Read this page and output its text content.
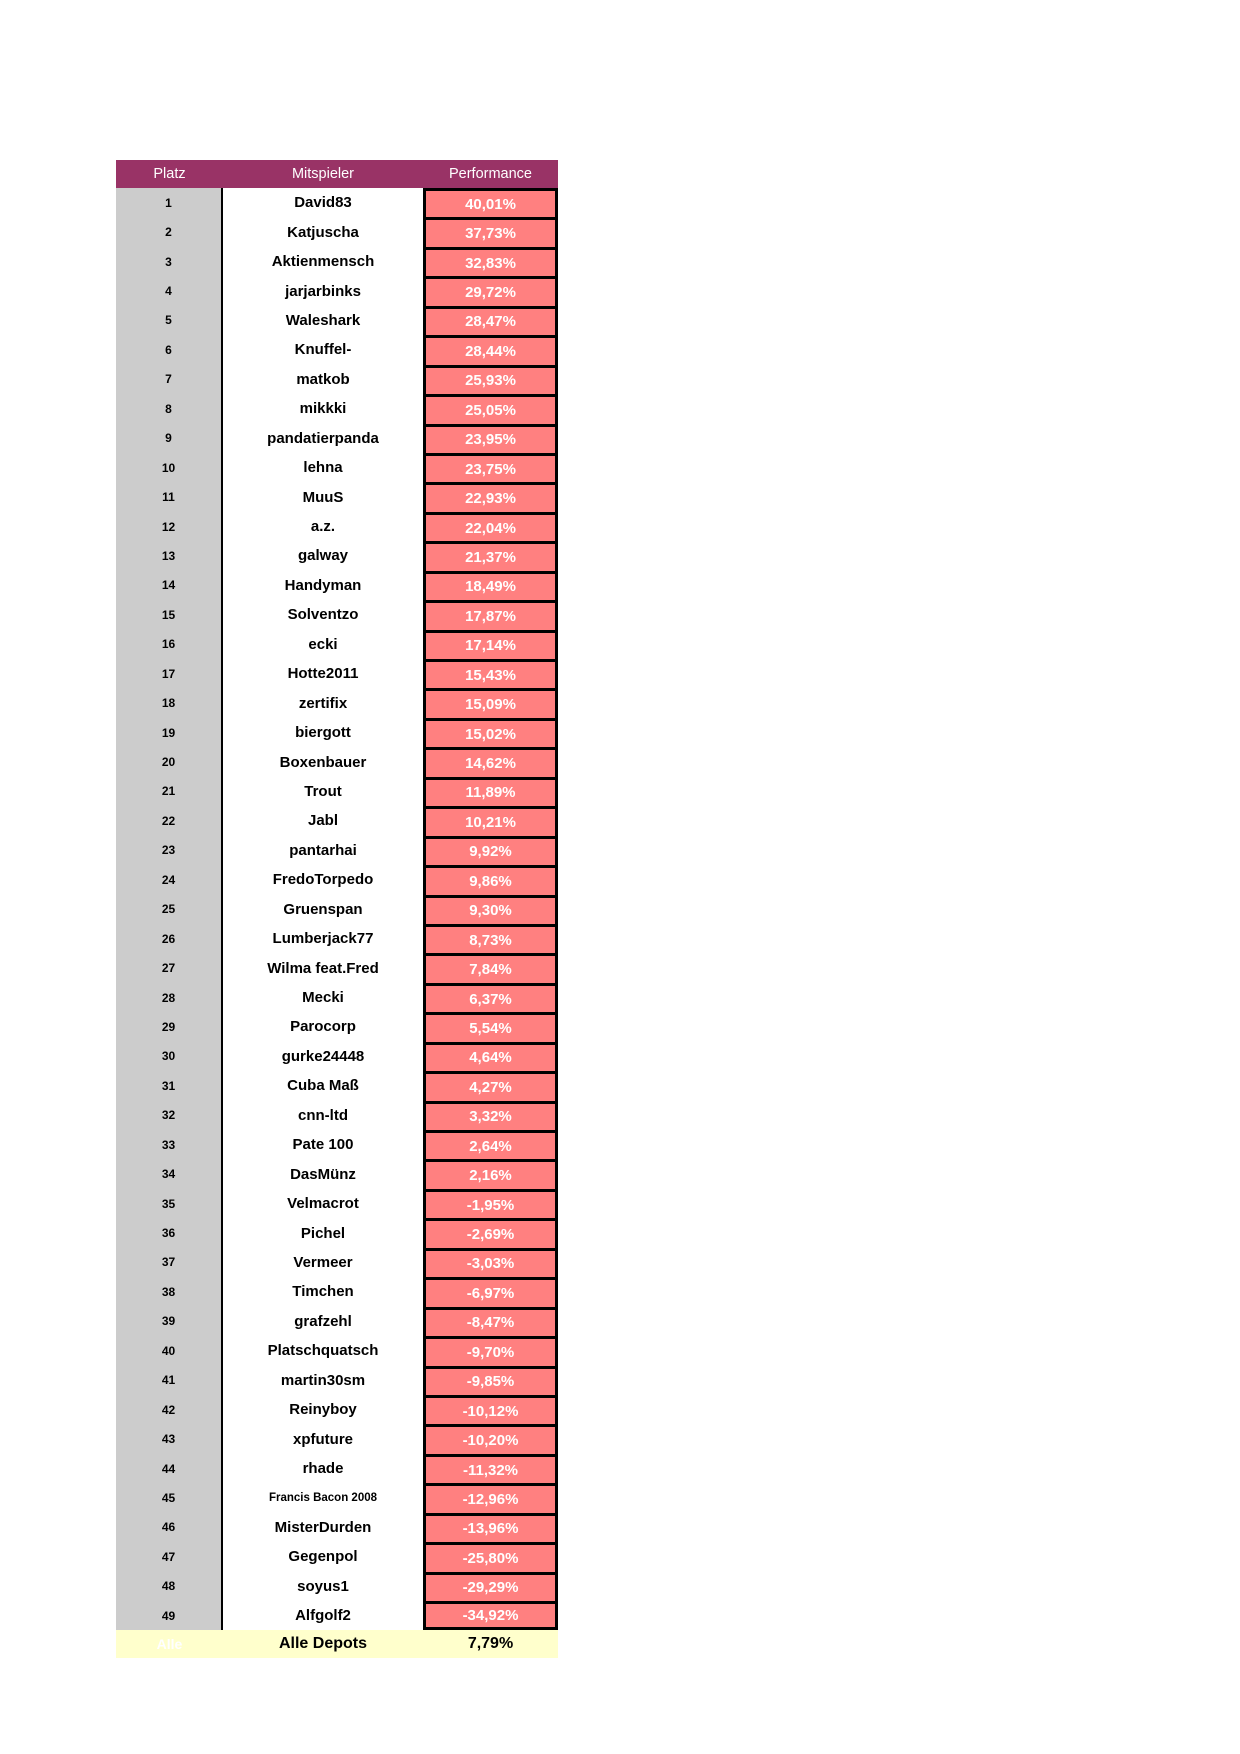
Platz	Mitspieler	Performance
1	David83	40,01%
2	Katjuscha	37,73%
3	Aktienmensch	32,83%
4	jarjarbinks	29,72%
5	Waleshark	28,47%
6	Knuffel-	28,44%
7	matkob	25,93%
8	mikkki	25,05%
9	pandatierpanda	23,95%
10	lehna	23,75%
11	MuuS	22,93%
12	a.z.	22,04%
13	galway	21,37%
14	Handyman	18,49%
15	Solventzo	17,87%
16	ecki	17,14%
17	Hotte2011	15,43%
18	zertifix	15,09%
19	biergott	15,02%
20	Boxenbauer	14,62%
21	Trout	11,89%
22	Jabl	10,21%
23	pantarhai	9,92%
24	FredoTorpedo	9,86%
25	Gruenspan	9,30%
26	Lumberjack77	8,73%
27	Wilma feat.Fred	7,84%
28	Mecki	6,37%
29	Parocorp	5,54%
30	gurke24448	4,64%
31	Cuba Maß	4,27%
32	cnn-ltd	3,32%
33	Pate 100	2,64%
34	DasMünz	2,16%
35	Velmacrot	-1,95%
36	Pichel	-2,69%
37	Vermeer	-3,03%
38	Timchen	-6,97%
39	grafzehl	-8,47%
40	Platschquatsch	-9,70%
41	martin30sm	-9,85%
42	Reinyboy	-10,12%
43	xpfuture	-10,20%
44	rhade	-11,32%
45	Francis Bacon 2008	-12,96%
46	MisterDurden	-13,96%
47	Gegenpol	-25,80%
48	soyus1	-29,29%
49	Alfgolf2	-34,92%
Alle	Alle Depots	7,79%
